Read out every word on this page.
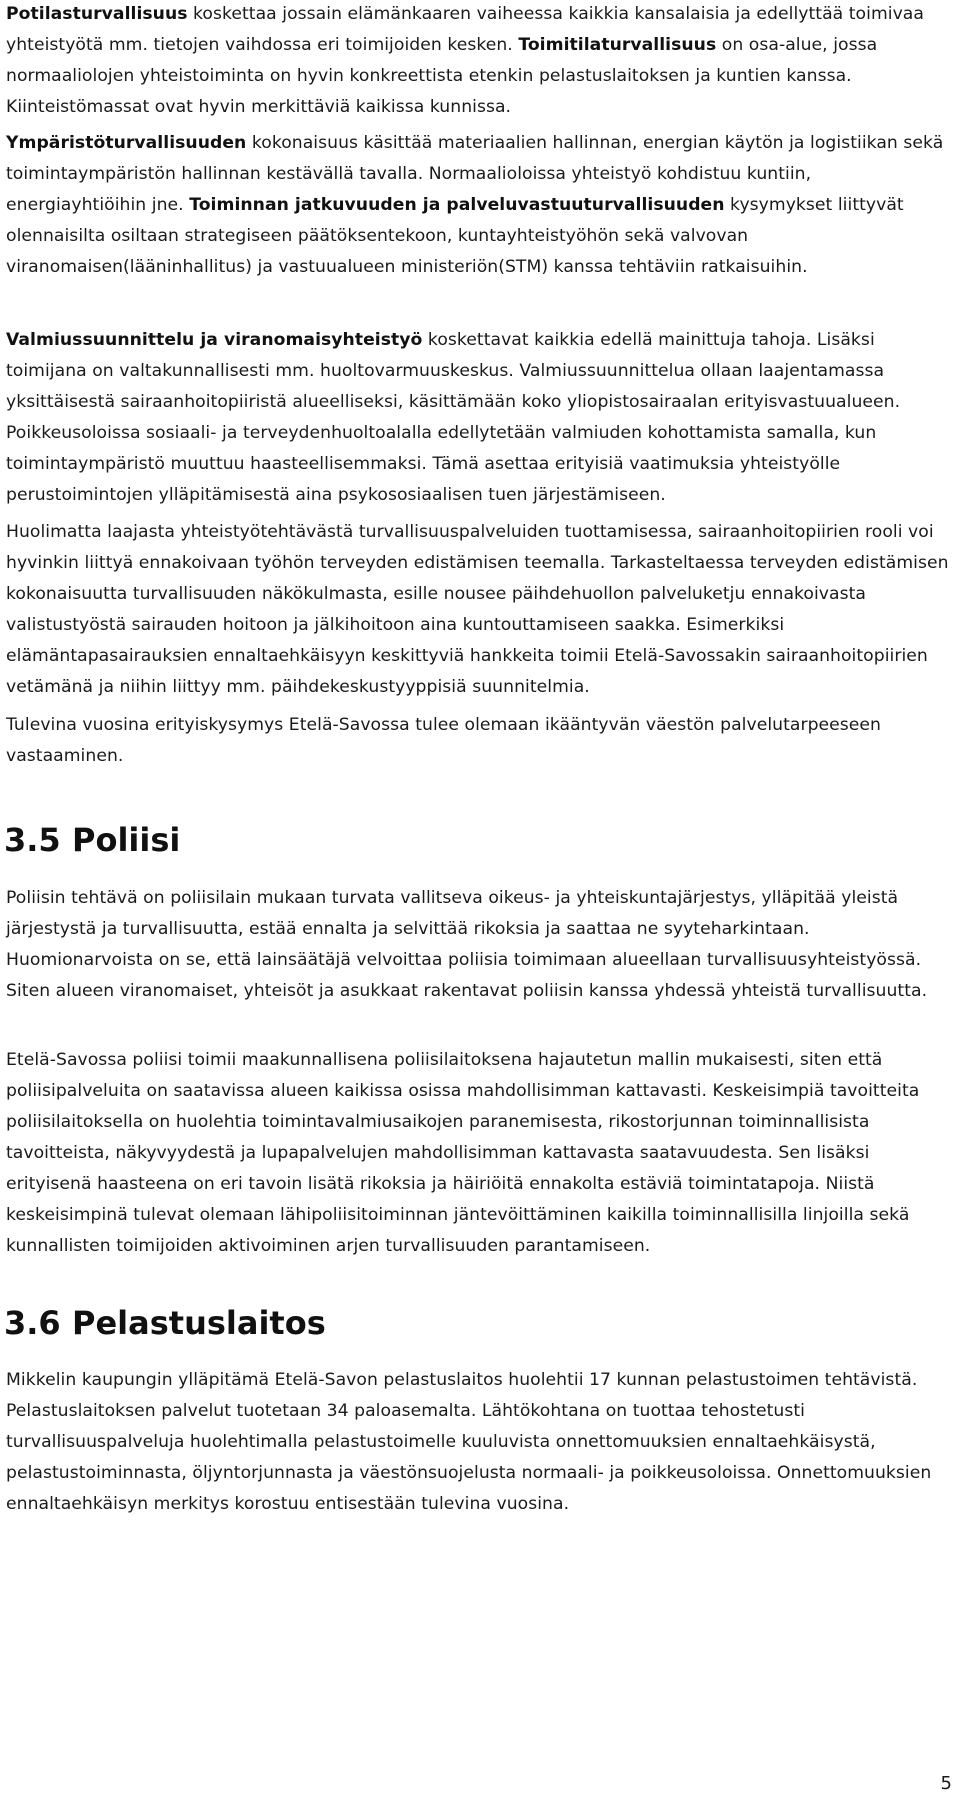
Potilasturvallisuus koskettaa jossain elämänkaaren vaiheessa kaikkia kansalaisia ja edellyttää toimivaa yhteistyötä mm. tietojen vaihdossa eri toimijoiden kesken. Toimitilaturvallisuus on osa-alue, jossa normaaliolojen yhteistoiminta on hyvin konkreettista etenkin pelastuslaitoksen ja kuntien kanssa. Kiinteistömassat ovat hyvin merkittäviä kaikissa kunnissa.

Ympäristöturvallisuuden kokonaisuus käsittää materiaalien hallinnan, energian käytön ja logistiikan sekä toimintaympäristön hallinnan kestävällä tavalla. Normaalioloissa yhteistyö kohdistuu kuntiin, energiayhtiöihin jne. Toiminnan jatkuvuuden ja palveluvastuuturvallisuuden kysymykset liittyvät olennaisilta osiltaan strategiseen päätöksentekoon, kuntayhteistyöhön sekä valvovan viranomaisen(lääninhallitus) ja vastuualueen ministeriön(STM) kanssa tehtäviin ratkaisuihin.

Valmiussuunnittelu ja viranomaisyhteistyö koskettavat kaikkia edellä mainittuja tahoja. Lisäksi toimijana on valtakunnallisesti mm. huoltovarmuuskeskus. Valmiussuunnittelua ollaan laajentamassa yksittäisestä sairaanhoitopiiristä alueelliseksi, käsittämään koko yliopistosairaalan erityisvastuualueen. Poikkeusoloissa sosiaali- ja terveydenhuoltoalalla edellytetään valmiuden kohottamista samalla, kun toimintaympäristö muuttuu haasteellisemmaksi. Tämä asettaa erityisiä vaatimuksia yhteistyölle perustoimintojen ylläpitämisestä aina psykososiaalisen tuen järjestämiseen.

Huolimatta laajasta yhteistyötehtävästä turvallisuuspalveluiden tuottamisessa, sairaanhoitopiirien rooli voi hyvinkin liittyä ennakoivaan työhön terveyden edistämisen teemalla. Tarkasteltaessa terveyden edistämisen kokonaisuutta turvallisuuden näkökulmasta, esille nousee päihdehuollon palveluketju ennakoivasta valistustyöstä sairauden hoitoon ja jälkihoitoon aina kuntouttamiseen saakka. Esimerkiksi elämäntapasairauksien ennaltaehkäisyyn keskittyviä hankkeita toimii Etelä-Savossakin sairaanhoitopiirien vetämänä ja niihin liittyy mm. päihdekeskustyyppisiä suunnitelmia.

Tulevina vuosina erityiskysymys Etelä-Savossa tulee olemaan ikääntyvän väestön palvelutarpeeseen vastaaminen.

3.5 Poliisi

Poliisin tehtävä on poliisilain mukaan turvata vallitseva oikeus- ja yhteiskuntajärjestys, ylläpitää yleistä järjestystä ja turvallisuutta, estää ennalta ja selvittää rikoksia ja saattaa ne syyteharkintaan. Huomionarvoista on se, että lainsäätäjä velvoittaa poliisia toimimaan alueellaan turvallisuusyhteistyössä. Siten alueen viranomaiset, yhteisöt ja asukkaat rakentavat poliisin kanssa yhdessä yhteistä turvallisuutta.

Etelä-Savossa poliisi toimii maakunnallisena poliisilaitoksena hajautetun mallin mukaisesti, siten että poliisipalveluita on saatavissa alueen kaikissa osissa mahdollisimman kattavasti. Keskeisimpiä tavoitteita poliisilaitoksella on huolehtia toimintavalmiusaikojen paranemisesta, rikostorjunnan toiminnallisista tavoitteista, näkyvyydestä ja lupapalvelujen mahdollisimman kattavasta saatavuudesta. Sen lisäksi erityisenä haasteena on eri tavoin lisätä rikoksia ja häiriöitä ennakolta estäviä toimintatapoja. Niistä keskeisimpinä tulevat olemaan lähipoliisitoiminnan jäntevöittäminen kaikilla toiminnallisilla linjoilla sekä kunnallisten toimijoiden aktivoiminen arjen turvallisuuden parantamiseen.

3.6 Pelastuslaitos

Mikkelin kaupungin ylläpitämä Etelä-Savon pelastuslaitos huolehtii 17 kunnan pelastustoimen tehtävistä. Pelastuslaitoksen palvelut tuotetaan 34 paloasemalta. Lähtökohtana on tuottaa tehostetusti turvallisuuspalveluja huolehtimalla pelastustoimelle kuuluvista onnettomuuksien ennaltaehkäisystä, pelastustoiminnasta, öljyntorjunnasta ja väestönsuojelusta normaali- ja poikkeusoloissa. Onnettomuuksien ennaltaehkäisyn merkitys korostuu entisestään tulevina vuosina.

5
